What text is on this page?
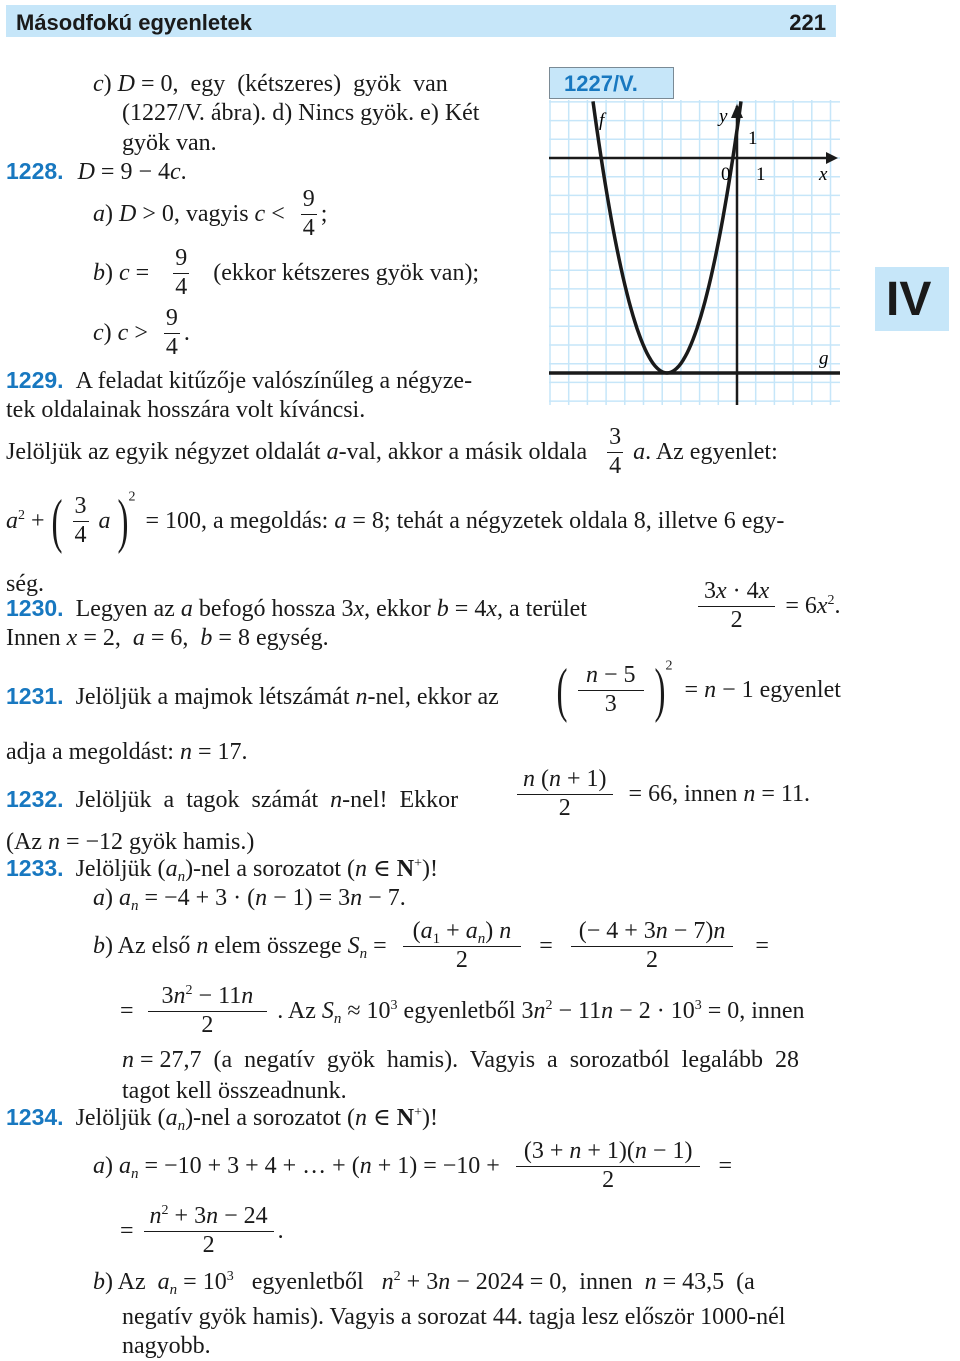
Másodfokú egyenletek	221
IV
1227/V.
f	y
1
0 1	x
g
c) D = 0,  egy  (kétszeres)  gyök  van
(1227/V. ábra). d) Nincs gyök. e) Két
gyök van.
1228. D = 9 − 4c.
a) D > 0, vagyis $c < \frac{9}{4}$ ;
b) $c = \frac{9}{4}$ (ekkor kétszeres gyök van);
c) $c > \frac{9}{4}$ .
1229. A feladat kitűzője valószínűleg a négyze-
tek oldalainak hosszára volt kíváncsi.
Jelöljük az egyik négyzet oldalát a-val, akkor a másik oldala $\frac{3}{4} a$. Az egyenlet:
$a^2$ + ( $\frac{3}{4}$ a )$^2$ = 100, a megoldás: a = 8; tehát a négyzetek oldala 8, illetve 6 egy-
ség.
1230. Legyen az a befogó hossza 3x, ekkor b = 4x, a terület	$\frac{3x \cdot 4x}{2} = 6x^2$.
Innen x = 2,  a = 6,  b = 8 egység.
1231. Jelöljük a majmok létszámát n-nel, ekkor az ( $\frac{n - 5}{3} )^2 = n - 1$ egyenlet
adja a megoldást: n = 17.
1232. Jelöljük  a  tagok  számát  n-nel!  Ekkor $\frac{n (n + 1)}{2} = 66$, innen n = 11.
(Az n = −12 gyök hamis.)
1233. Jelöljük $(a_n)$-nel a sorozatot (n ∈ N+)!
a) $a_n = -4 + 3 \cdot (n - 1) = 3n - 7$.
b) Az első n elem összege $S_n = \frac{(a_1 + a_n) n}{2} = \frac{(- 4 + 3n - 7)n}{2}$ =
= $\frac{3n^2 - 11n}{2}$ . Az $S_n \approx 10^3$ egyenletből $3n^2 - 11n - 2 \cdot 10^3 = 0$, innen
n = 27,7  (a  negatív  gyök  hamis).  Vagyis  a  sorozatból  legalább  28
tagot kell összeadnunk.
1234. Jelöljük $(a_n)$-nel a sorozatot (n ∈ N+)!
a) $a_n = -10 + 3 + 4$ + … + $(n + 1) = -10 + \frac{(3 + n + 1)(n - 1)}{2}$ =
= $\frac{n^2 + 3n - 24}{2}$ .
b) Az  $a_n = 10^3$   egyenletből   $n^2 + 3n - 2024 = 0$,  innen  n = 43,5  (a
negatív gyök hamis). Vagyis a sorozat 44. tagja lesz először 1000-nél
nagyobb.
